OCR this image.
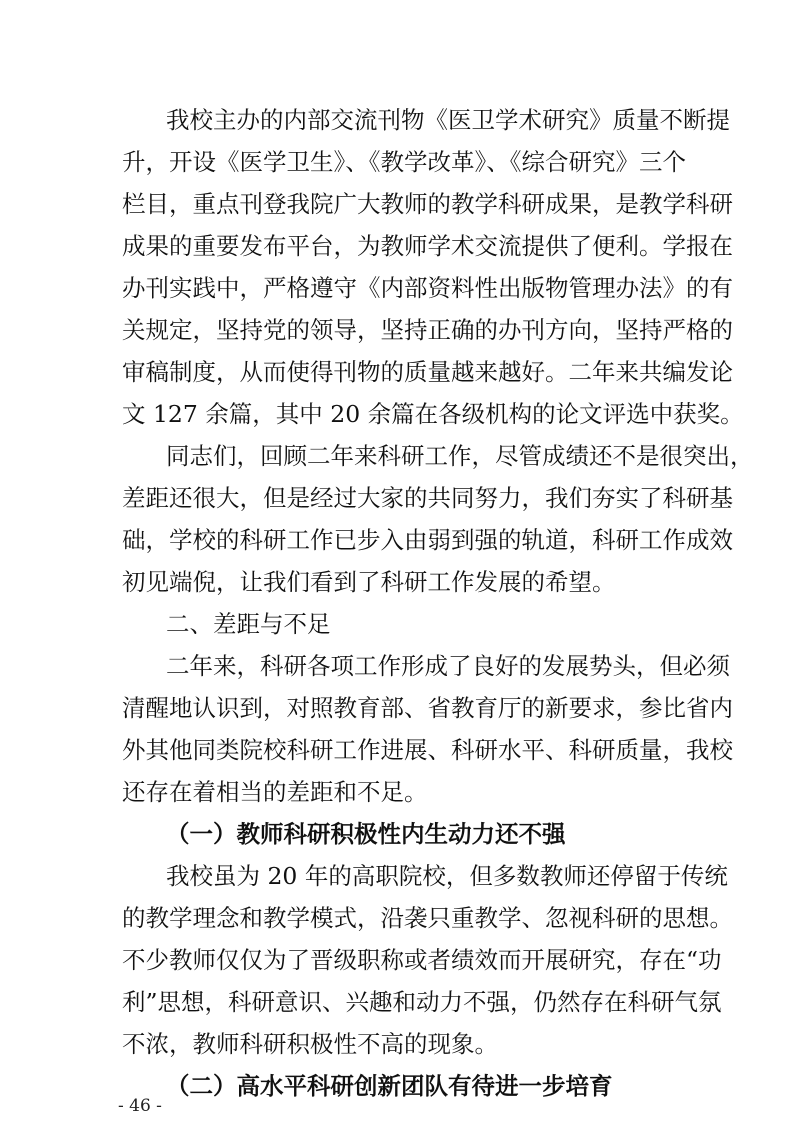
我校主办的内部交流刊物《医卫学术研究》质量不断提
升，开设《医学卫生》、《教学改革》、《综合研究》三个
栏目，重点刊登我院广大教师的教学科研成果，是教学科研
成果的重要发布平台，为教师学术交流提供了便利。学报在
办刊实践中，严格遵守《内部资料性出版物管理办法》的有
关规定，坚持党的领导，坚持正确的办刊方向，坚持严格的
审稿制度，从而使得刊物的质量越来越好。二年来共编发论
文 127 余篇，其中 20 余篇在各级机构的论文评选中获奖。
同志们，回顾二年来科研工作，尽管成绩还不是很突出，
差距还很大，但是经过大家的共同努力，我们夯实了科研基
础，学校的科研工作已步入由弱到强的轨道，科研工作成效
初见端倪，让我们看到了科研工作发展的希望。
二、差距与不足
二年来，科研各项工作形成了良好的发展势头，但必须
清醒地认识到，对照教育部、省教育厅的新要求，参比省内
外其他同类院校科研工作进展、科研水平、科研质量，我校
还存在着相当的差距和不足。
（一）教师科研积极性内生动力还不强
我校虽为 20 年的高职院校，但多数教师还停留于传统
的教学理念和教学模式，沿袭只重教学、忽视科研的思想。
不少教师仅仅为了晋级职称或者绩效而开展研究，存在“功
利”思想，科研意识、兴趣和动力不强，仍然存在科研气氛
不浓，教师科研积极性不高的现象。
（二）高水平科研创新团队有待进一步培育
- 46 -
